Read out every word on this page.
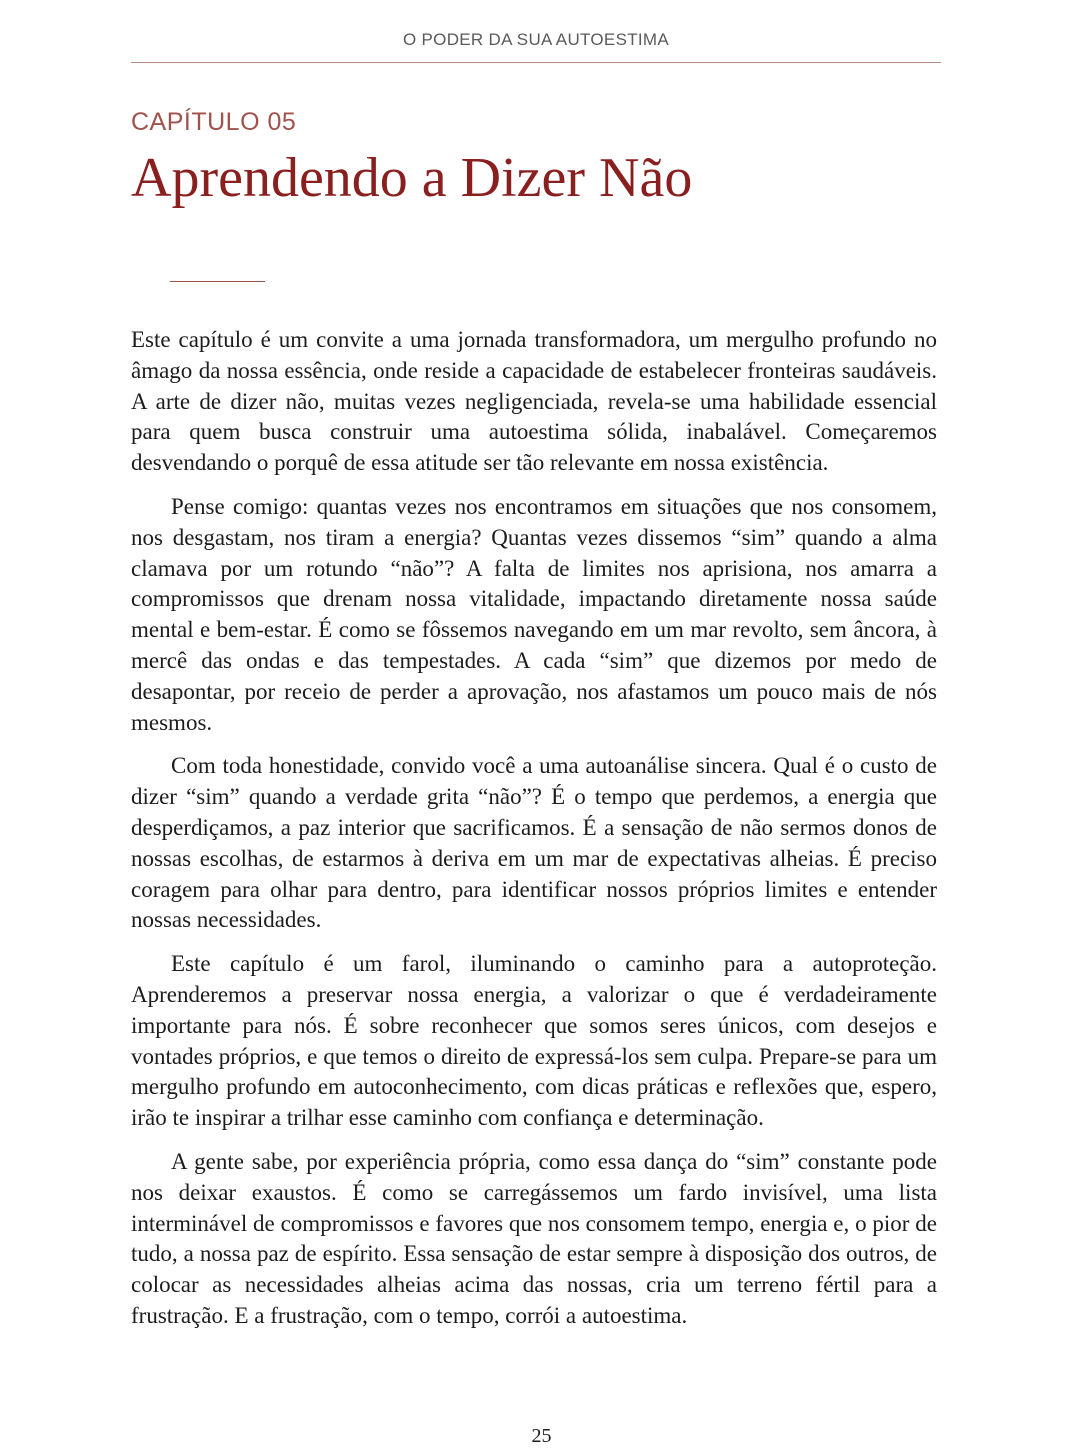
O PODER DA SUA AUTOESTIMA
CAPÍTULO 05
Aprendendo a Dizer Não

Este capítulo é um convite a uma jornada transformadora, um mergulho profundo no âmago da nossa essência, onde reside a capacidade de estabelecer fronteiras saudáveis. A arte de dizer não, muitas vezes negligenciada, revela-se uma habilidade essencial para quem busca construir uma autoestima sólida, inabalável. Começaremos desvendando o porquê de essa atitude ser tão relevante em nossa existência.

Pense comigo: quantas vezes nos encontramos em situações que nos consomem, nos desgastam, nos tiram a energia? Quantas vezes dissemos “sim” quando a alma clamava por um rotundo “não”? A falta de limites nos aprisiona, nos amarra a compromissos que drenam nossa vitalidade, impactando diretamente nossa saúde mental e bem-estar. É como se fôssemos navegando em um mar revolto, sem âncora, à mercê das ondas e das tempestades. A cada “sim” que dizemos por medo de desapontar, por receio de perder a aprovação, nos afastamos um pouco mais de nós mesmos.

Com toda honestidade, convido você a uma autoanálise sincera. Qual é o custo de dizer “sim” quando a verdade grita “não”? É o tempo que perdemos, a energia que desperdiçamos, a paz interior que sacrificamos. É a sensação de não sermos donos de nossas escolhas, de estarmos à deriva em um mar de expectativas alheias. É preciso coragem para olhar para dentro, para identificar nossos próprios limites e entender nossas necessidades.

Este capítulo é um farol, iluminando o caminho para a autoproteção. Aprenderemos a preservar nossa energia, a valorizar o que é verdadeiramente importante para nós. É sobre reconhecer que somos seres únicos, com desejos e vontades próprios, e que temos o direito de expressá-los sem culpa. Prepare-se para um mergulho profundo em autoconhecimento, com dicas práticas e reflexões que, espero, irão te inspirar a trilhar esse caminho com confiança e determinação.

A gente sabe, por experiência própria, como essa dança do “sim” constante pode nos deixar exaustos. É como se carregássemos um fardo invisível, uma lista interminável de compromissos e favores que nos consomem tempo, energia e, o pior de tudo, a nossa paz de espírito. Essa sensação de estar sempre à disposição dos outros, de colocar as necessidades alheias acima das nossas, cria um terreno fértil para a frustração. E a frustração, com o tempo, corrói a autoestima.

25
